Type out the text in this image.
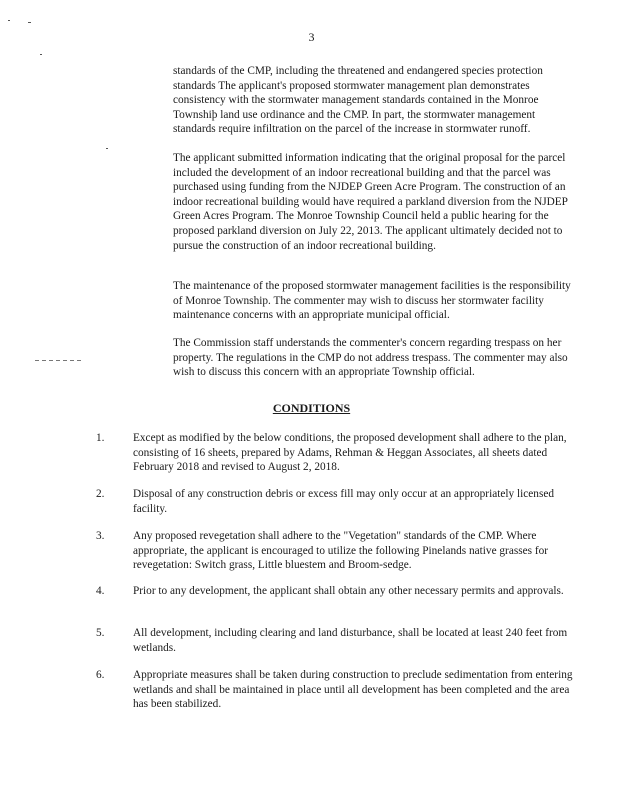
3

standards of the CMP, including the threatened and endangered species protection standards The applicant's proposed stormwater management plan demonstrates consistency with the stormwater management standards contained in the Monroe Townshiϸ land use ordinance and the CMP. In part, the stormwater management standards require infiltration on the parcel of the increase in stormwater runoff.

The applicant submitted information indicating that the original proposal for the parcel included the development of an indoor recreational building and that the parcel was purchased using funding from the NJDEP Green Acre Program. The construction of an indoor recreational building would have required a parkland diversion from the NJDEP Green Acres Program. The Monroe Township Council held a public hearing for the proposed parkland diversion on July 22, 2013. The applicant ultimately decided not to pursue the construction of an indoor recreational building.

The maintenance of the proposed stormwater management facilities is the responsibility of Monroe Township. The commenter may wish to discuss her stormwater facility maintenance concerns with an appropriate municipal official.

The Commission staff understands the commenter's concern regarding trespass on her property. The regulations in the CMP do not address trespass. The commenter may also wish to discuss this concern with an appropriate Township official.

CONDITIONS
1.	Except as modified by the below conditions, the proposed development shall adhere to the plan, consisting of 16 sheets, prepared by Adams, Rehman & Heggan Associates, all sheets dated February 2018 and revised to August 2, 2018.
2.	Disposal of any construction debris or excess fill may only occur at an appropriately licensed facility.
3.	Any proposed revegetation shall adhere to the "Vegetation" standards of the CMP. Where appropriate, the applicant is encouraged to utilize the following Pinelands native grasses for revegetation: Switch grass, Little bluestem and Broom-sedge.
4.	Prior to any development, the applicant shall obtain any other necessary permits and approvals.
5.	All development, including clearing and land disturbance, shall be located at least 240 feet from wetlands.
6.	Appropriate measures shall be taken during construction to preclude sedimentation from entering wetlands and shall be maintained in place until all development has been completed and the area has been stabilized.
